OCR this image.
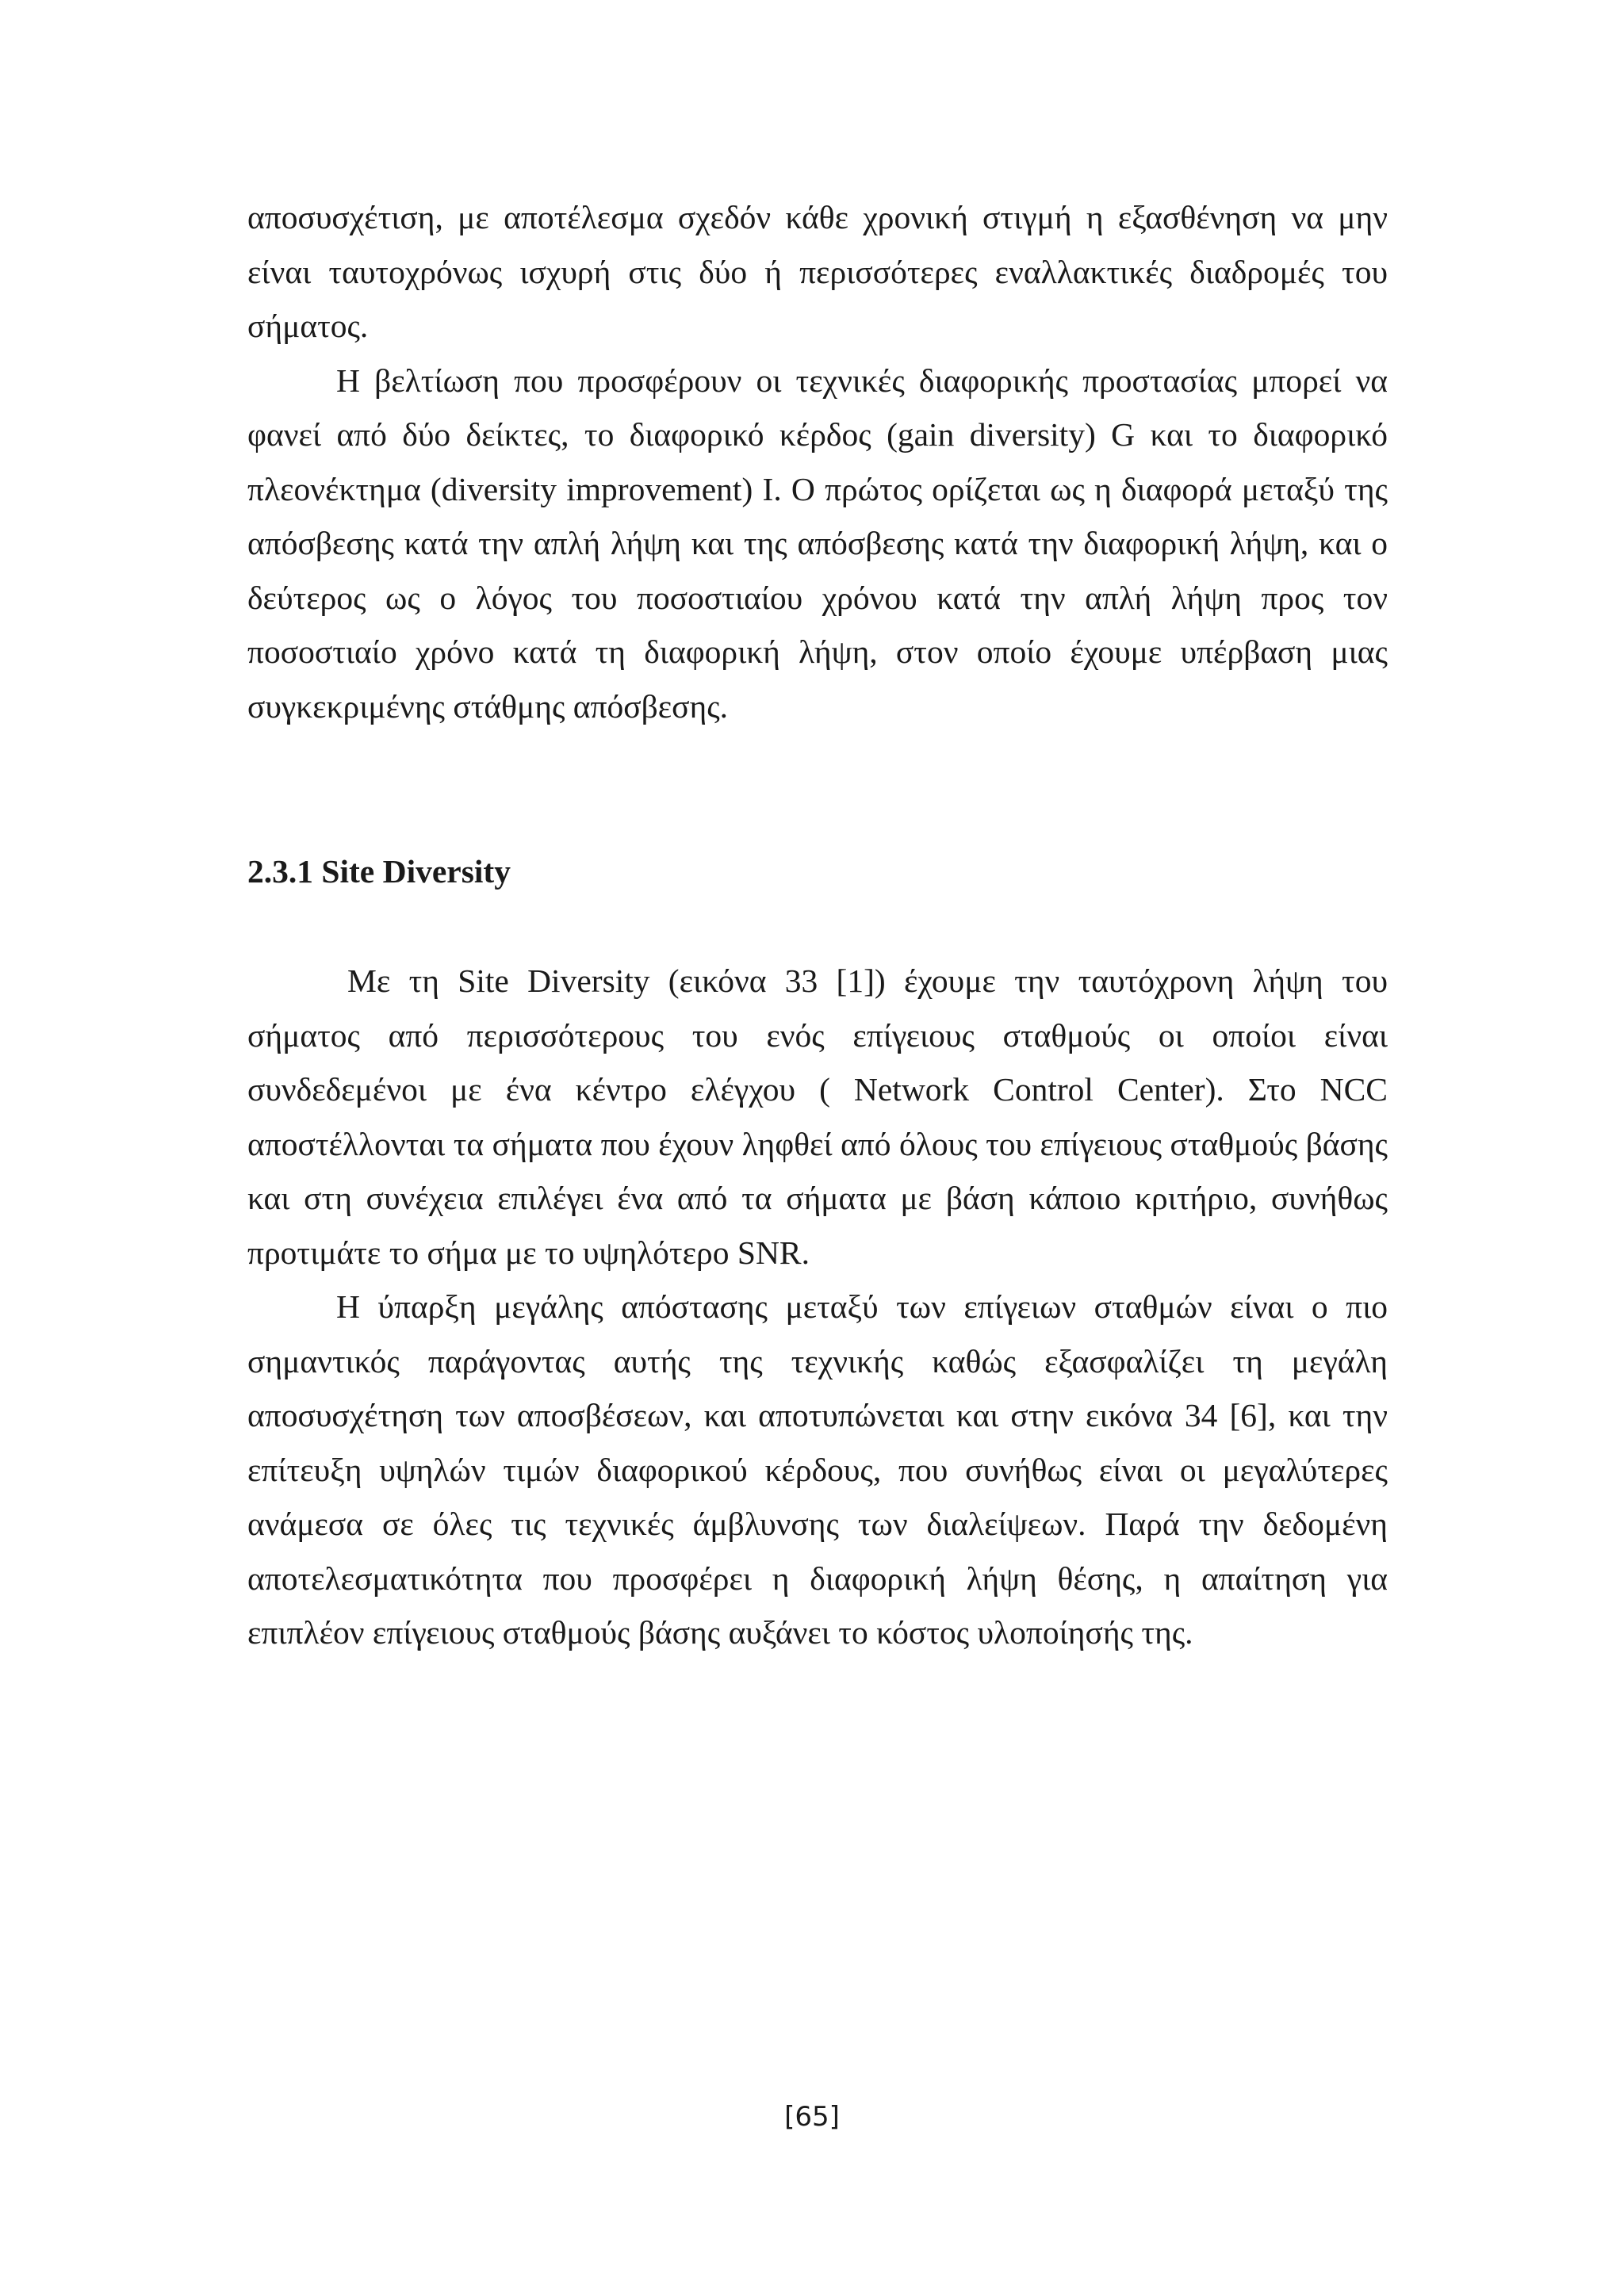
αποσυσχέτιση, με αποτέλεσμα σχεδόν κάθε χρονική στιγμή η εξασθένηση να μην είναι ταυτοχρόνως ισχυρή στις δύο ή περισσότερες εναλλακτικές διαδρομές του σήματος.

Η βελτίωση που προσφέρουν οι τεχνικές διαφορικής προστασίας μπορεί να φανεί από δύο δείκτες, το διαφορικό κέρδος (gain diversity) G και το διαφορικό πλεονέκτημα (diversity improvement) I. Ο πρώτος ορίζεται ως η διαφορά μεταξύ της απόσβεσης κατά την απλή λήψη και της απόσβεσης κατά την διαφορική λήψη, και ο δεύτερος ως ο λόγος του ποσοστιαίου χρόνου κατά την απλή λήψη προς τον ποσοστιαίο χρόνο κατά τη διαφορική λήψη, στον οποίο έχουμε υπέρβαση μιας συγκεκριμένης στάθμης απόσβεσης.

2.3.1 Site Diversity

Με τη Site Diversity (εικόνα 33 [1]) έχουμε την ταυτόχρονη λήψη του σήματος από περισσότερους του ενός επίγειους σταθμούς οι οποίοι είναι συνδεδεμένοι με ένα κέντρο ελέγχου ( Network Control Center). Στο NCC αποστέλλονται τα σήματα που έχουν ληφθεί από όλους του επίγειους σταθμούς βάσης και στη συνέχεια επιλέγει ένα από τα σήματα με βάση κάποιο κριτήριο, συνήθως προτιμάτε το σήμα με το υψηλότερο SNR.

Η ύπαρξη μεγάλης απόστασης μεταξύ των επίγειων σταθμών είναι ο πιο σημαντικός παράγοντας αυτής της τεχνικής καθώς εξασφαλίζει τη μεγάλη αποσυσχέτηση των αποσβέσεων, και αποτυπώνεται και στην εικόνα 34 [6], και την επίτευξη υψηλών τιμών διαφορικού κέρδους, που συνήθως είναι οι μεγαλύτερες ανάμεσα σε όλες τις τεχνικές άμβλυνσης των διαλείψεων. Παρά την δεδομένη αποτελεσματικότητα που προσφέρει η διαφορική λήψη θέσης, η απαίτηση για επιπλέον επίγειους σταθμούς βάσης αυξάνει το κόστος υλοποίησής της.

[65]
